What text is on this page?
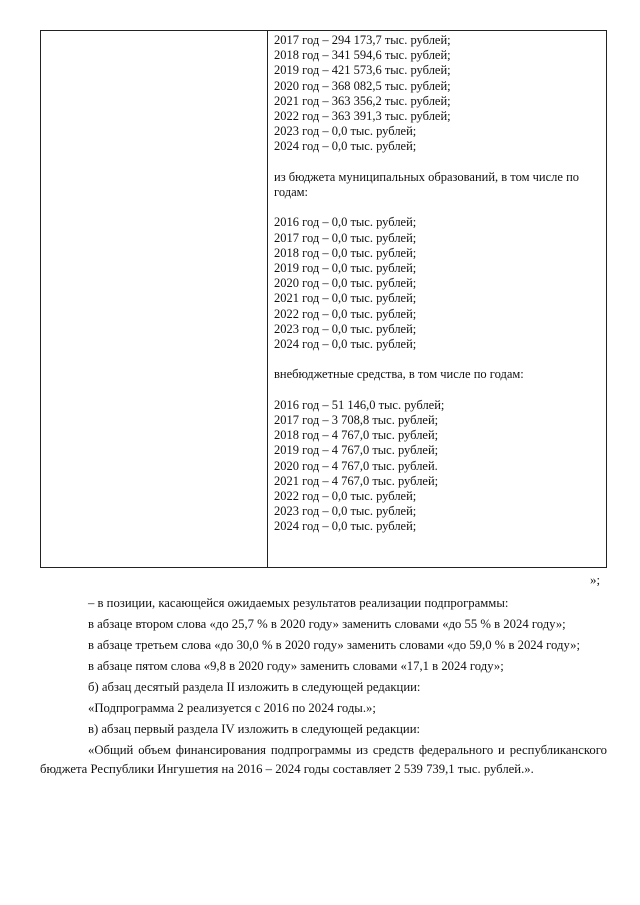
2017 год – 294 173,7 тыс. рублей;
2018 год – 341 594,6 тыс. рублей;
2019 год – 421 573,6 тыс. рублей;
2020 год – 368 082,5 тыс. рублей;
2021 год – 363 356,2 тыс. рублей;
2022 год – 363 391,3 тыс. рублей;
2023 год – 0,0 тыс. рублей;
2024 год – 0,0 тыс. рублей;
из бюджета муниципальных образований, в том числе по годам:
2016 год – 0,0 тыс. рублей;
2017 год – 0,0 тыс. рублей;
2018 год – 0,0 тыс. рублей;
2019 год – 0,0 тыс. рублей;
2020 год – 0,0 тыс. рублей;
2021 год – 0,0 тыс. рублей;
2022 год – 0,0 тыс. рублей;
2023 год – 0,0 тыс. рублей;
2024 год – 0,0 тыс. рублей;
внебюджетные средства, в том числе по годам:
2016 год – 51 146,0 тыс. рублей;
2017 год – 3 708,8 тыс. рублей;
2018 год – 4 767,0 тыс. рублей;
2019 год – 4 767,0 тыс. рублей;
2020 год – 4 767,0 тыс. рублей.
2021 год – 4 767,0 тыс. рублей;
2022 год – 0,0 тыс. рублей;
2023 год – 0,0 тыс. рублей;
2024 год – 0,0 тыс. рублей;
»;

– в позиции, касающейся ожидаемых результатов реализации подпрограммы:

в абзаце втором слова «до 25,7 % в 2020 году» заменить словами «до 55 % в 2024 году»;

в абзаце третьем слова «до 30,0 % в 2020 году» заменить словами «до 59,0 % в 2024 году»;

в абзаце пятом слова «9,8 в 2020 году» заменить словами «17,1 в 2024 году»;

б) абзац десятый раздела II изложить в следующей редакции:

«Подпрограмма 2 реализуется с 2016 по 2024 годы.»;

в) абзац первый раздела IV изложить в следующей редакции:

«Общий объем финансирования подпрограммы из средств федерального и республиканского бюджета Республики Ингушетия на 2016 – 2024 годы составляет 2 539 739,1 тыс. рублей.».
